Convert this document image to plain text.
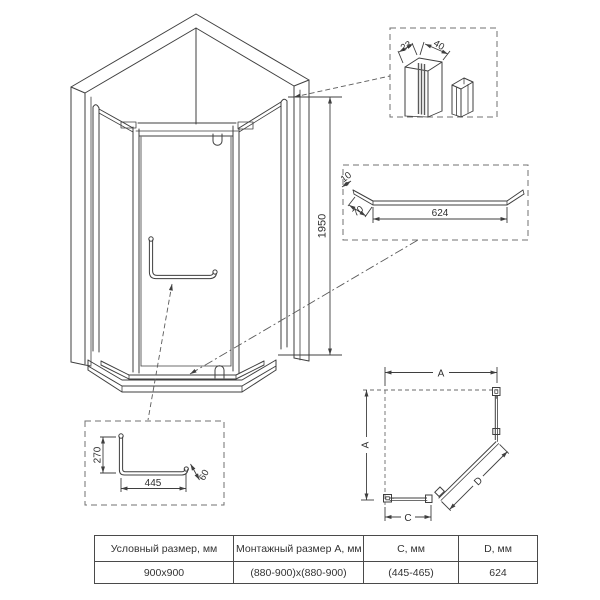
1950
23 40
10
70	624
270
445
60
A
A
C
D
Условный размер, мм	Монтажный размер A, мм	C, мм	D, мм
900x900	(880-900)x(880-900)	(445-465)	624
